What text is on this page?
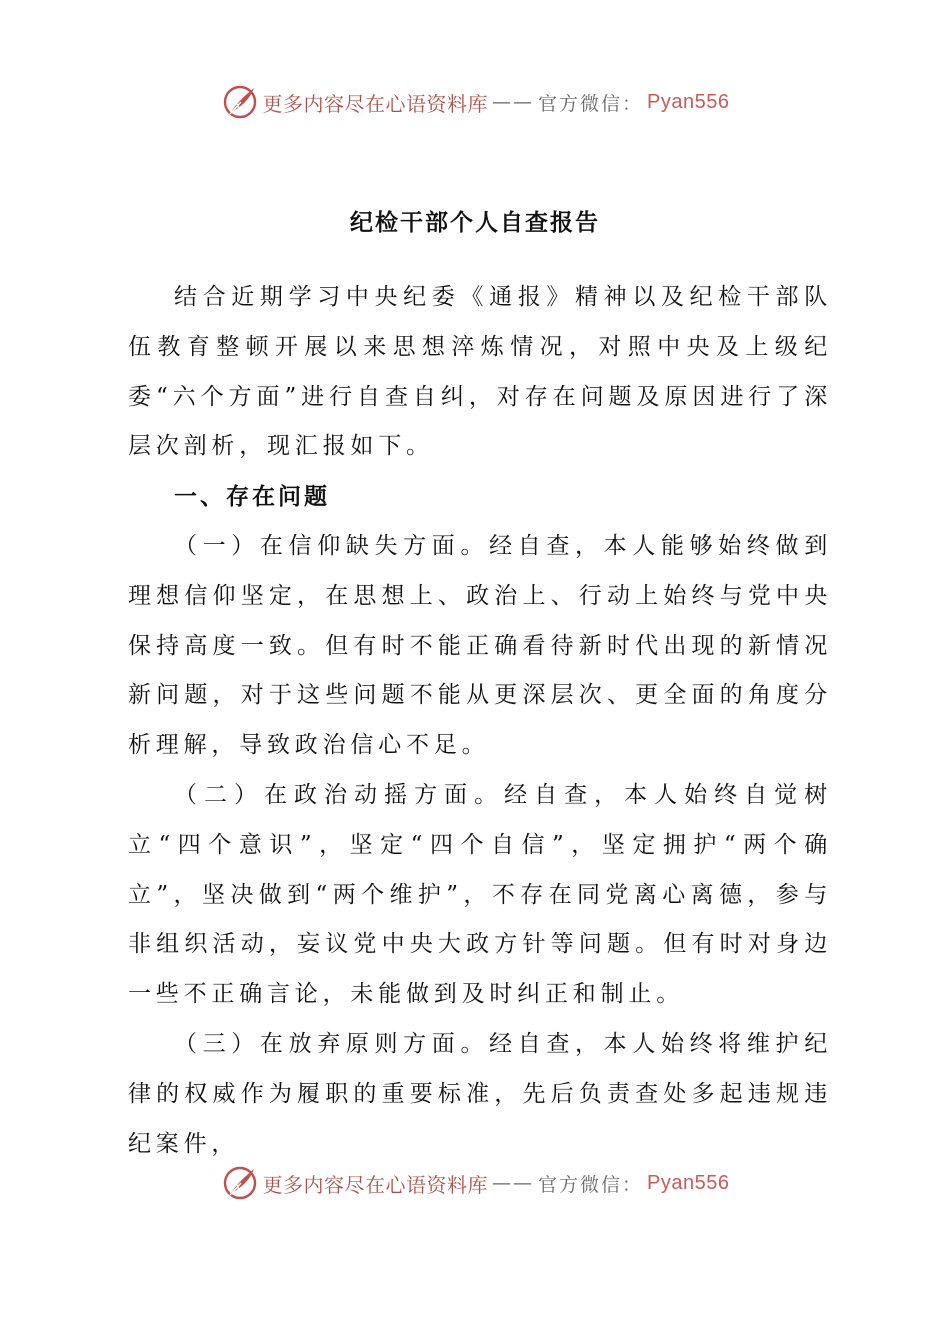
更多内容尽在心语资料库 —— 官方微信： Pyan556
纪检干部个人自查报告

结合近期学习中央纪委《通报》精神以及纪检干部队伍教育整顿开展以来思想淬炼情况，对照中央及上级纪委“六个方面”进行自查自纠，对存在问题及原因进行了深层次剖析，现汇报如下。

一、存在问题

（一）在信仰缺失方面。经自查，本人能够始终做到理想信仰坚定，在思想上、政治上、行动上始终与党中央保持高度一致。但有时不能正确看待新时代出现的新情况新问题，对于这些问题不能从更深层次、更全面的角度分析理解，导致政治信心不足。

（二）在政治动摇方面。经自查，本人始终自觉树立“四个意识”，坚定“四个自信”，坚定拥护“两个确立”，坚决做到“两个维护”，不存在同党离心离德，参与非组织活动，妄议党中央大政方针等问题。但有时对身边一些不正确言论，未能做到及时纠正和制止。

（三）在放弃原则方面。经自查，本人始终将维护纪律的权威作为履职的重要标准，先后负责查处多起违规违纪案件，

更多内容尽在心语资料库 —— 官方微信： Pyan556
